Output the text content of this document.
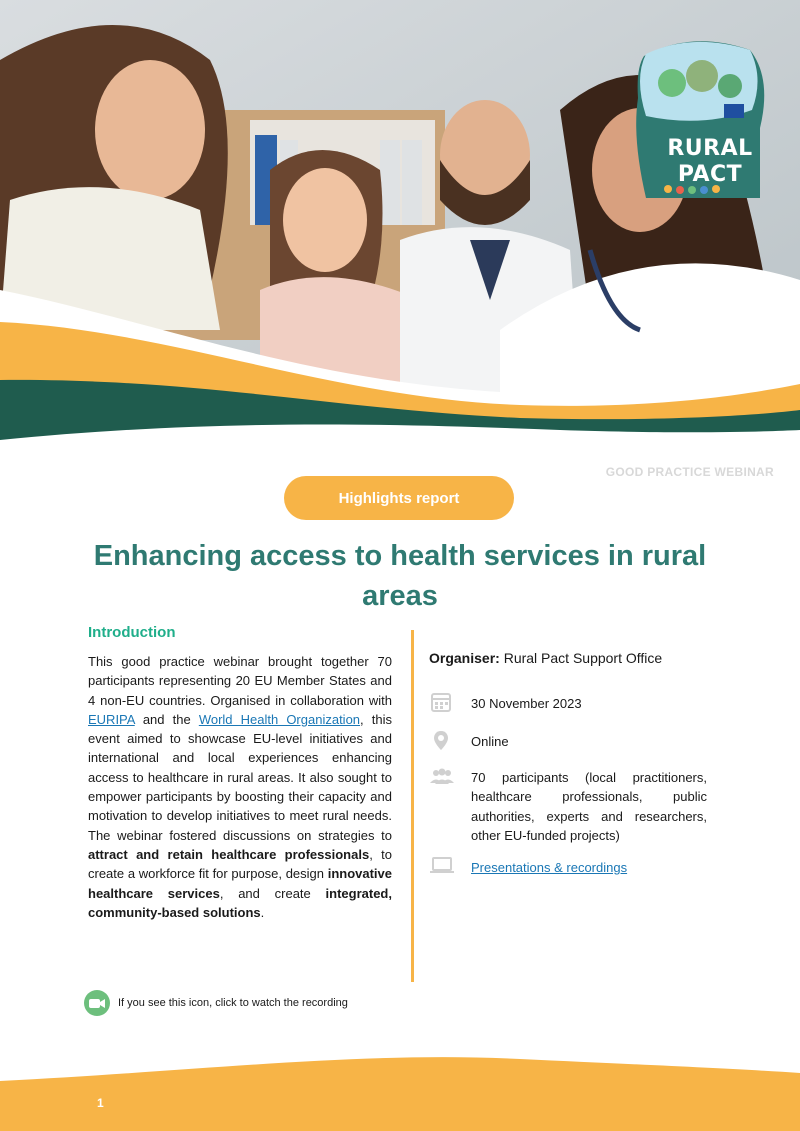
RURAL
PACT
GOOD PRACTICE WEBINAR
Highlights report
Enhancing access to health services in rural areas
Introduction

This good practice webinar brought together 70 participants representing 20 EU Member States and 4 non-EU countries. Organised in collaboration with EURIPA and the World Health Organization, this event aimed to showcase EU-level initiatives and international and local experiences enhancing access to healthcare in rural areas. It also sought to empower participants by boosting their capacity and motivation to develop initiatives to meet rural needs. The webinar fostered discussions on strategies to attract and retain healthcare professionals, to create a workforce fit for purpose, design innovative healthcare services, and create integrated, community-based solutions.

Organiser: Rural Pact Support Office

30 November 2023
Online
70 participants (local practitioners, healthcare professionals, public authorities, experts and researchers, other EU-funded projects)
Presentations & recordings
If you see this icon, click to watch the recording
1
